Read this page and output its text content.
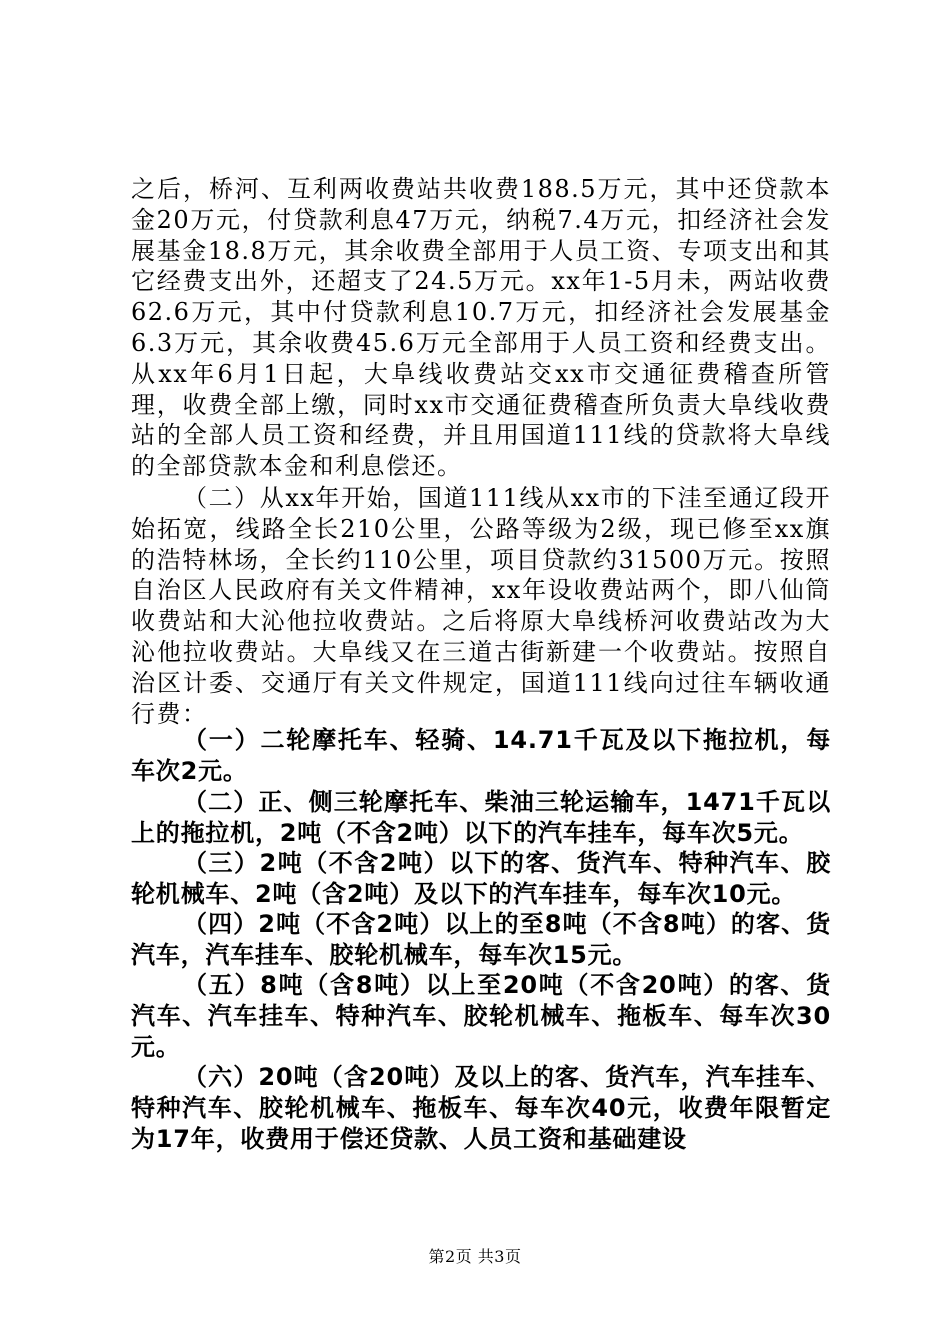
之后，桥河、互利两收费站共收费188.5万元，其中还贷款本金20万元，付贷款利息47万元，纳税7.4万元，扣经济社会发展基金18.8万元，其余收费全部用于人员工资、专项支出和其它经费支出外，还超支了24.5万元。xx年1-5月未，两站收费62.6万元，其中付贷款利息10.7万元，扣经济社会发展基金6.3万元，其余收费45.6万元全部用于人员工资和经费支出。从xx年6月1日起，大阜线收费站交xx市交通征费稽查所管理，收费全部上缴，同时xx市交通征费稽查所负责大阜线收费站的全部人员工资和经费，并且用国道111线的贷款将大阜线的全部贷款本金和利息偿还。

（二）从xx年开始，国道111线从xx市的下洼至通辽段开始拓宽，线路全长210公里，公路等级为2级，现已修至xx旗的浩特林场，全长约110公里，项目贷款约31500万元。按照自治区人民政府有关文件精神，xx年设收费站两个，即八仙筒收费站和大沁他拉收费站。之后将原大阜线桥河收费站改为大沁他拉收费站。大阜线又在三道古街新建一个收费站。按照自治区计委、交通厅有关文件规定，国道111线向过往车辆收通行费：

（一）二轮摩托车、轻骑、14.71千瓦及以下拖拉机，每车次2元。

（二）正、侧三轮摩托车、柴油三轮运输车，1471千瓦以上的拖拉机，2吨（不含2吨）以下的汽车挂车，每车次5元。

（三）2吨（不含2吨）以下的客、货汽车、特种汽车、胶轮机械车、2吨（含2吨）及以下的汽车挂车，每车次10元。

（四）2吨（不含2吨）以上的至8吨（不含8吨）的客、货汽车，汽车挂车、胶轮机械车，每车次15元。

（五）8吨（含8吨）以上至20吨（不含20吨）的客、货汽车、汽车挂车、特种汽车、胶轮机械车、拖板车、每车次30元。

（六）20吨（含20吨）及以上的客、货汽车，汽车挂车、特种汽车、胶轮机械车、拖板车、每车次40元，收费年限暂定为17年，收费用于偿还贷款、人员工资和基础建设

第2页 共3页
